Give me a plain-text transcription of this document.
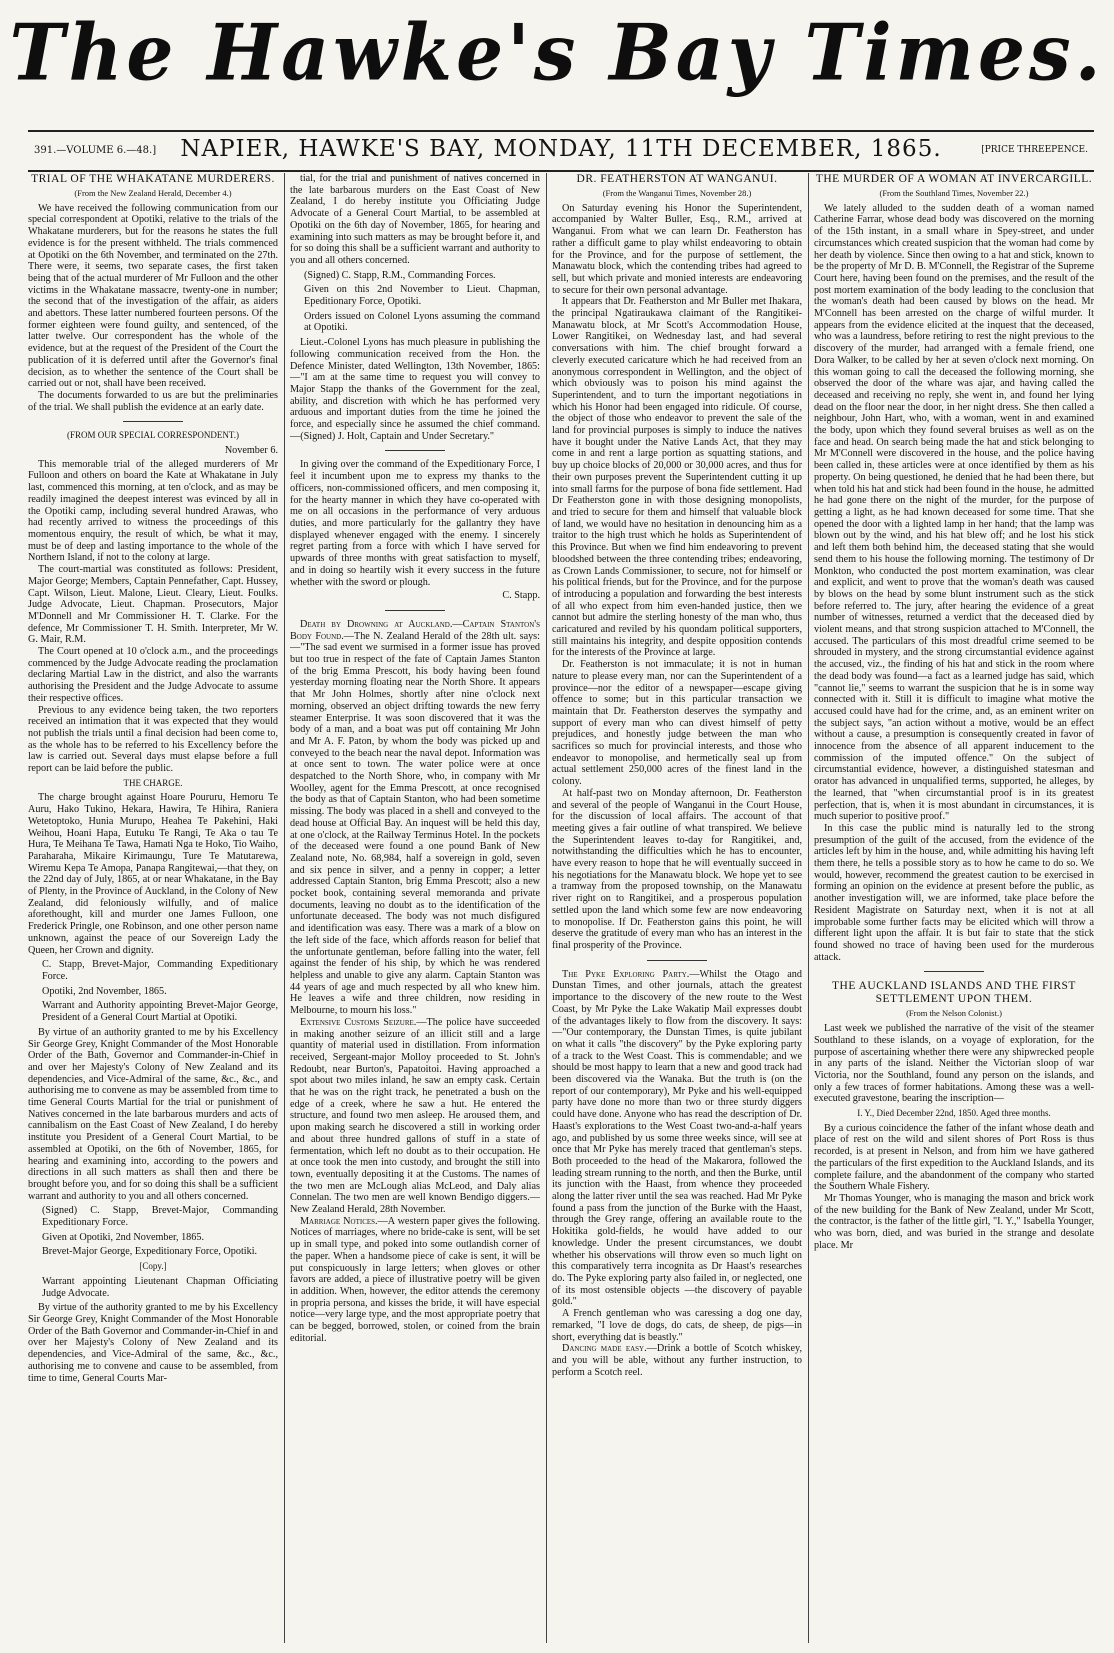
The Hawke's Bay Times.
391.—VOLUME 6.—48.]	NAPIER, HAWKE'S BAY, MONDAY, 11TH DECEMBER, 1865.	[PRICE THREEPENCE.
TRIAL OF THE WHAKATANE MURDERERS.
(From the New Zealand Herald, December 4.)

We have received the following communication from our special correspondent at Opotiki, relative to the trials of the Whakatane murderers, but for the reasons he states the full evidence is for the present withheld. The trials commenced at Opotiki on the 6th November, and terminated on the 27th. There were, it seems, two separate cases, the first taken being that of the actual murderer of Mr Fulloon and the other victims in the Whakatane massacre, twenty-one in number; the second that of the investigation of the affair, as aiders and abettors. These latter numbered fourteen persons. Of the former eighteen were found guilty, and sentenced, of the latter twelve. Our correspondent has the whole of the evidence, but at the request of the President of the Court the publication of it is deferred until after the Governor's final decision, as to whether the sentence of the Court shall be carried out or not, shall have been received.

The documents forwarded to us are but the preliminaries of the trial. We shall publish the evidence at an early date.

(FROM OUR SPECIAL CORRESPONDENT.)

November 6.

This memorable trial of the alleged murderers of Mr Fulloon and others on board the Kate at Whakatane in July last, commenced this morning, at ten o'clock, and as may be readily imagined the deepest interest was evinced by all in the Opotiki camp, including several hundred Arawas, who had recently arrived to witness the proceedings of this momentous enquiry, the result of which, be what it may, must be of deep and lasting importance to the whole of the Northern Island, if not to the colony at large.

The court-martial was constituted as follows: President, Major George; Members, Captain Pennefather, Capt. Hussey, Capt. Wilson, Lieut. Malone, Lieut. Cleary, Lieut. Foulks. Judge Advocate, Lieut. Chapman. Prosecutors, Major M'Donnell and Mr Commissioner H. T. Clarke. For the defence, Mr Commissioner T. H. Smith. Interpreter, Mr W. G. Mair, R.M.

The Court opened at 10 o'clock a.m., and the proceedings commenced by the Judge Advocate reading the proclamation declaring Martial Law in the district, and also the warrants authorising the President and the Judge Advocate to assume their respective offices.

Previous to any evidence being taken, the two reporters received an intimation that it was expected that they would not publish the trials until a final decision had been come to, as the whole has to be referred to his Excellency before the law is carried out. Several days must elapse before a full report can be laid before the public.

THE CHARGE.

The charge brought against Hoare Poururu, Hemoru Te Auru, Hako Tukino, Hekara, Hawira, Te Hihira, Raniera Wetetoptoko, Hunia Murupo, Heahea Te Pakehini, Haki Weihou, Hoani Hapa, Eutuku Te Rangi, Te Aka o tau Te Hura, Te Meihana Te Tawa, Hamati Nga te Hoko, Tio Waiho, Paraharaha, Mikaire Kirimaungu, Ture Te Matutarewa, Wiremu Kepa Te Amopa, Panapa Rangitewai,—that they, on the 22nd day of July, 1865, at or near Whakatane, in the Bay of Plenty, in the Province of Auckland, in the Colony of New Zealand, did feloniously wilfully, and of malice aforethought, kill and murder one James Fulloon, one Frederick Pringle, one Robinson, and one other person name unknown, against the peace of our Sovereign Lady the Queen, her Crown and dignity.

C. Stapp, Brevet-Major, Commanding Expeditionary Force.

Opotiki, 2nd November, 1865.

Warrant and Authority appointing Brevet-Major George, President of a General Court Martial at Opotiki.

By virtue of an authority granted to me by his Excellency Sir George Grey, Knight Commander of the Most Honorable Order of the Bath, Governor and Commander-in-Chief in and over her Majesty's Colony of New Zealand and its dependencies, and Vice-Admiral of the same, &c., &c., and authorising me to convene as may be assembled from time to time General Courts Martial for the trial or punishment of Natives concerned in the late barbarous murders and acts of cannibalism on the East Coast of New Zealand, I do hereby institute you President of a General Court Martial, to be assembled at Opotiki, on the 6th of November, 1865, for hearing and examining into, according to the powers and directions in all such matters as shall then and there be brought before you, and for so doing this shall be a sufficient warrant and authority to you and all others concerned.

(Signed) C. Stapp, Brevet-Major, Commanding Expeditionary Force.

Given at Opotiki, 2nd November, 1865.

Brevet-Major George, Expeditionary Force, Opotiki.

[Copy.]

Warrant appointing Lieutenant Chapman Officiating Judge Advocate.

By virtue of the authority granted to me by his Excellency Sir George Grey, Knight Commander of the Most Honorable Order of the Bath Governor and Commander-in-Chief in and over her Majesty's Colony of New Zealand and its dependencies, and Vice-Admiral of the same, &c., &c., authorising me to convene and cause to be assembled, from time to time, General Courts Mar-

tial, for the trial and punishment of natives concerned in the late barbarous murders on the East Coast of New Zealand, I do hereby institute you Officiating Judge Advocate of a General Court Martial, to be assembled at Opotiki on the 6th day of November, 1865, for hearing and examining into such matters as may be brought before it, and for so doing this shall be a sufficient warrant and authority to you and all others concerned.

(Signed) C. Stapp, R.M., Commanding Forces.

Given on this 2nd November to Lieut. Chapman, Epeditionary Force, Opotiki.

Orders issued on Colonel Lyons assuming the command at Opotiki.

Lieut.-Colonel Lyons has much pleasure in publishing the following communication received from the Hon. the Defence Minister, dated Wellington, 13th November, 1865:—"I am at the same time to request you will convey to Major Stapp the thanks of the Government for the zeal, ability, and discretion with which he has performed very arduous and important duties from the time he joined the force, and especially since he assumed the chief command.—(Signed) J. Holt, Captain and Under Secretary."

In giving over the command of the Expeditionary Force, I feel it incumbent upon me to express my thanks to the officers, non-commissioned officers, and men composing it, for the hearty manner in which they have co-operated with me on all occasions in the performance of very arduous duties, and more particularly for the gallantry they have displayed whenever engaged with the enemy. I sincerely regret parting from a force with which I have served for upwards of three months with great satisfaction to myself, and in doing so heartily wish it every success in the future whether with the sword or plough.

C. Stapp.

Death by Drowning at Auckland.—Captain Stanton's Body Found.—The N. Zealand Herald of the 28th ult. says:—"The sad event we surmised in a former issue has proved but too true in respect of the fate of Captain James Stanton of the brig Emma Prescott, his body having been found yesterday morning floating near the North Shore. It appears that Mr John Holmes, shortly after nine o'clock next morning, observed an object drifting towards the new ferry steamer Enterprise. It was soon discovered that it was the body of a man, and a boat was put off containing Mr John and Mr A. F. Paton, by whom the body was picked up and conveyed to the beach near the naval depot. Information was at once sent to town. The water police were at once despatched to the North Shore, who, in company with Mr Woolley, agent for the Emma Prescott, at once recognised the body as that of Captain Stanton, who had been sometime missing. The body was placed in a shell and conveyed to the dead house at Official Bay. An inquest will be held this day, at one o'clock, at the Railway Terminus Hotel. In the pockets of the deceased were found a one pound Bank of New Zealand note, No. 68,984, half a sovereign in gold, seven and six pence in silver, and a penny in copper; a letter addressed Captain Stanton, brig Emma Prescott; also a new pocket book, containing several memoranda and private documents, leaving no doubt as to the identification of the unfortunate deceased. The body was not much disfigured and identification was easy. There was a mark of a blow on the left side of the face, which affords reason for belief that the unfortunate gentleman, before falling into the water, fell against the fender of his ship, by which he was rendered helpless and unable to give any alarm. Captain Stanton was 44 years of age and much respected by all who knew him. He leaves a wife and three children, now residing in Melbourne, to mourn his loss."

Extensive Customs Seizure.—The police have succeeded in making another seizure of an illicit still and a large quantity of material used in distillation. From information received, Sergeant-major Molloy proceeded to St. John's Redoubt, near Burton's, Papatoitoi. Having approached a spot about two miles inland, he saw an empty cask. Certain that he was on the right track, he penetrated a bush on the edge of a creek, where he saw a hut. He entered the structure, and found two men asleep. He aroused them, and upon making search he discovered a still in working order and about three hundred gallons of stuff in a state of fermentation, which left no doubt as to their occupation. He at once took the men into custody, and brought the still into town, eventually depositing it at the Customs. The names of the two men are McLough alias McLeod, and Daly alias Connelan. The two men are well known Bendigo diggers.—New Zealand Herald, 28th November.

Marriage Notices.—A western paper gives the following. Notices of marriages, where no bride-cake is sent, will be set up in small type, and poked into some outlandish corner of the paper. When a handsome piece of cake is sent, it will be put conspicuously in large letters; when gloves or other favors are added, a piece of illustrative poetry will be given in addition. When, however, the editor attends the ceremony in propria persona, and kisses the bride, it will have especial notice—very large type, and the most appropriate poetry that can be begged, borrowed, stolen, or coined from the brain editorial.

DR. FEATHERSTON AT WANGANUI.
(From the Wanganui Times, November 28.)

On Saturday evening his Honor the Superintendent, accompanied by Walter Buller, Esq., R.M., arrived at Wanganui. From what we can learn Dr. Featherston has rather a difficult game to play whilst endeavoring to obtain for the Province, and for the purpose of settlement, the Manawatu block, which the contending tribes had agreed to sell, but which private and monied interests are endeavoring to secure for their own personal advantage.

It appears that Dr. Featherston and Mr Buller met Ihakara, the principal Ngatiraukawa claimant of the Rangitikei-Manawatu block, at Mr Scott's Accommodation House, Lower Rangitikei, on Wednesday last, and had several conversations with him. The chief brought forward a cleverly executed caricature which he had received from an anonymous correspondent in Wellington, and the object of which obviously was to poison his mind against the Superintendent, and to turn the important negotiations in which his Honor had been engaged into ridicule. Of course, the object of those who endeavor to prevent the sale of the land for provincial purposes is simply to induce the natives have it bought under the Native Lands Act, that they may come in and rent a large portion as squatting stations, and buy up choice blocks of 20,000 or 30,000 acres, and thus for their own purposes prevent the Superintendent cutting it up into small farms for the purpose of bona fide settlement. Had Dr Featherston gone in with those designing monopolists, and tried to secure for them and himself that valuable block of land, we would have no hesitation in denouncing him as a traitor to the high trust which he holds as Superintendent of this Province. But when we find him endeavoring to prevent bloodshed between the three contending tribes; endeavoring, as Crown Lands Commissioner, to secure, not for himself or his political friends, but for the Province, and for the purpose of introducing a population and forwarding the best interests of all who expect from him even-handed justice, then we cannot but admire the sterling honesty of the man who, thus caricatured and reviled by his quondam political supporters, still maintains his integrity, and despite opposition contends for the interests of the Province at large.

Dr. Featherston is not immaculate; it is not in human nature to please every man, nor can the Superintendent of a province—nor the editor of a newspaper—escape giving offence to some; but in this particular transaction we maintain that Dr. Featherston deserves the sympathy and support of every man who can divest himself of petty prejudices, and honestly judge between the man who sacrifices so much for provincial interests, and those who endeavor to monopolise, and hermetically seal up from actual settlement 250,000 acres of the finest land in the colony.

At half-past two on Monday afternoon, Dr. Featherston and several of the people of Wanganui in the Court House, for the discussion of local affairs. The account of that meeting gives a fair outline of what transpired. We believe the Superintendent leaves to-day for Rangitikei, and, notwithstanding the difficulties which he has to encounter, have every reason to hope that he will eventually succeed in his negotiations for the Manawatu block. We hope yet to see a tramway from the proposed township, on the Manawatu river right on to Rangitikei, and a prosperous population settled upon the land which some few are now endeavoring to monopolise. If Dr. Featherston gains this point, he will deserve the gratitude of every man who has an interest in the final prosperity of the Province.

The Pyke Exploring Party.—Whilst the Otago and Dunstan Times, and other journals, attach the greatest importance to the discovery of the new route to the West Coast, by Mr Pyke the Lake Wakatip Mail expresses doubt of the advantages likely to flow from the discovery. It says:—"Our contemporary, the Dunstan Times, is quite jubilant on what it calls "the discovery" by the Pyke exploring party of a track to the West Coast. This is commendable; and we should be most happy to learn that a new and good track had been discovered via the Wanaka. But the truth is (on the report of our contemporary), Mr Pyke and his well-equipped party have done no more than two or three sturdy diggers could have done. Anyone who has read the description of Dr. Haast's explorations to the West Coast two-and-a-half years ago, and published by us some three weeks since, will see at once that Mr Pyke has merely traced that gentleman's steps. Both proceeded to the head of the Makarora, followed the leading stream running to the north, and then the Burke, until its junction with the Haast, from whence they proceeded along the latter river until the sea was reached. Had Mr Pyke found a pass from the junction of the Burke with the Haast, through the Grey range, offering an available route to the Hokitika gold-fields, he would have added to our knowledge. Under the present circumstances, we doubt whether his observations will throw even so much light on this comparatively terra incognita as Dr Haast's researches do. The Pyke exploring party also failed in, or neglected, one of its most ostensible objects —the discovery of payable gold."

A French gentleman who was caressing a dog one day, remarked, "I love de dogs, do cats, de sheep, de pigs—in short, everything dat is beastly."

Dancing made easy.—Drink a bottle of Scotch whiskey, and you will be able, without any further instruction, to perform a Scotch reel.

THE MURDER OF A WOMAN AT INVERCARGILL.
(From the Southland Times, November 22.)

We lately alluded to the sudden death of a woman named Catherine Farrar, whose dead body was discovered on the morning of the 15th instant, in a small whare in Spey-street, and under circumstances which created suspicion that the woman had come by her death by violence. Since then owing to a hat and stick, known to be the property of Mr D. B. M'Connell, the Registrar of the Supreme Court here, having been found on the premises, and the result of the post mortem examination of the body leading to the conclusion that the woman's death had been caused by blows on the head. Mr M'Connell has been arrested on the charge of wilful murder. It appears from the evidence elicited at the inquest that the deceased, who was a laundress, before retiring to rest the night previous to the discovery of the murder, had arranged with a female friend, one Dora Walker, to be called by her at seven o'clock next morning. On this woman going to call the deceased the following morning, she observed the door of the whare was ajar, and having called the deceased and receiving no reply, she went in, and found her lying dead on the floor near the door, in her night dress. She then called a neighbour, John Hart, who, with a woman, went in and examined the body, upon which they found several bruises as well as on the face and head. On search being made the hat and stick belonging to Mr M'Connell were discovered in the house, and the police having been called in, these articles were at once identified by them as his property. On being questioned, he denied that he had been there, but when told his hat and stick had been found in the house, he admitted he had gone there on the night of the murder, for the purpose of getting a light, as he had known deceased for some time. That she opened the door with a lighted lamp in her hand; that the lamp was blown out by the wind, and his hat blew off; and he lost his stick and left them both behind him, the deceased stating that she would send them to his house the following morning. The testimony of Dr Monkton, who conducted the post mortem examination, was clear and explicit, and went to prove that the woman's death was caused by blows on the head by some blunt instrument such as the stick before referred to. The jury, after hearing the evidence of a great number of witnesses, returned a verdict that the deceased died by violent means, and that strong suspicion attached to M'Connell, the accused. The particulars of this most dreadful crime seemed to be shrouded in mystery, and the strong circumstantial evidence against the accused, viz., the finding of his hat and stick in the room where the dead body was found—a fact as a learned judge has said, which "cannot lie," seems to warrant the suspicion that he is in some way connected with it. Still it is difficult to imagine what motive the accused could have had for the crime, and, as an eminent writer on the subject says, "an action without a motive, would be an effect without a cause, a presumption is consequently created in favor of innocence from the absence of all apparent inducement to the commission of the imputed offence." On the subject of circumstantial evidence, however, a distinguished statesman and orator has advanced in unqualified terms, supported, he alleges, by the learned, that "when circumstantial proof is in its greatest perfection, that is, when it is most abundant in circumstances, it is much superior to positive proof."

In this case the public mind is naturally led to the strong presumption of the guilt of the accused, from the evidence of the articles left by him in the house, and, while admitting his having left them there, he tells a possible story as to how he came to do so. We would, however, recommend the greatest caution to be exercised in forming an opinion on the evidence at present before the public, as another investigation will, we are informed, take place before the Resident Magistrate on Saturday next, when it is not at all improbable some further facts may be elicited which will throw a different light upon the affair. It is but fair to state that the stick found showed no trace of having been used for the murderous attack.

THE AUCKLAND ISLANDS AND THE FIRST SETTLEMENT UPON THEM.
(From the Nelson Colonist.)

Last week we published the narrative of the visit of the steamer Southland to these islands, on a voyage of exploration, for the purpose of ascertaining whether there were any shipwrecked people in any parts of the island. Neither the Victorian sloop of war Victoria, nor the Southland, found any person on the islands, and only a few traces of former habitations. Among these was a well-executed gravestone, bearing the inscription—

I. Y., Died December 22nd, 1850. Aged three months.

By a curious coincidence the father of the infant whose death and place of rest on the wild and silent shores of Port Ross is thus recorded, is at present in Nelson, and from him we have gathered the particulars of the first expedition to the Auckland Islands, and its complete failure, and the abandonment of the company who started the Southern Whale Fishery.

Mr Thomas Younger, who is managing the mason and brick work of the new building for the Bank of New Zealand, under Mr Scott, the contractor, is the father of the little girl, "I. Y.," Isabella Younger, who was born, died, and was buried in the strange and desolate place. Mr
